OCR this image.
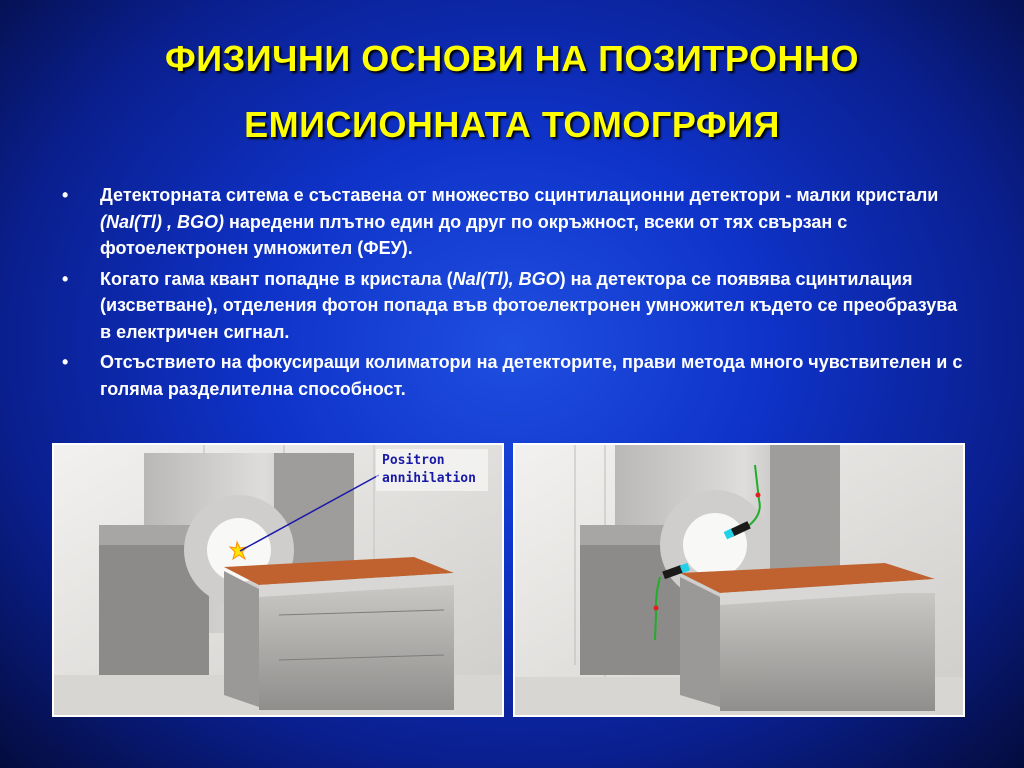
ФИЗИЧНИ ОСНОВИ НА ПОЗИТРОННО
ЕМИСИОННАТА ТОМОГРФИЯ
• Детекторната ситема е съставена от множество сцинтилационни детектори - малки кристали (NaI(Tl) , BGO) наредени плътно един до друг по окръжност, всеки от тях свързан с фотоелектронен умножител (ФЕУ).
• Когато гама квант попадне в кристала (NaI(Tl), BGO) на детектора се появява сцинтилация (изсветване), отделения фотон попада във фотоелектронен умножител където се преобразува в електричен сигнал.
• Отсъствието на фокусиращи колиматори на детекторите, прави метода много чувствителен и с голяма разделителна способност.
Positron
annihilation
